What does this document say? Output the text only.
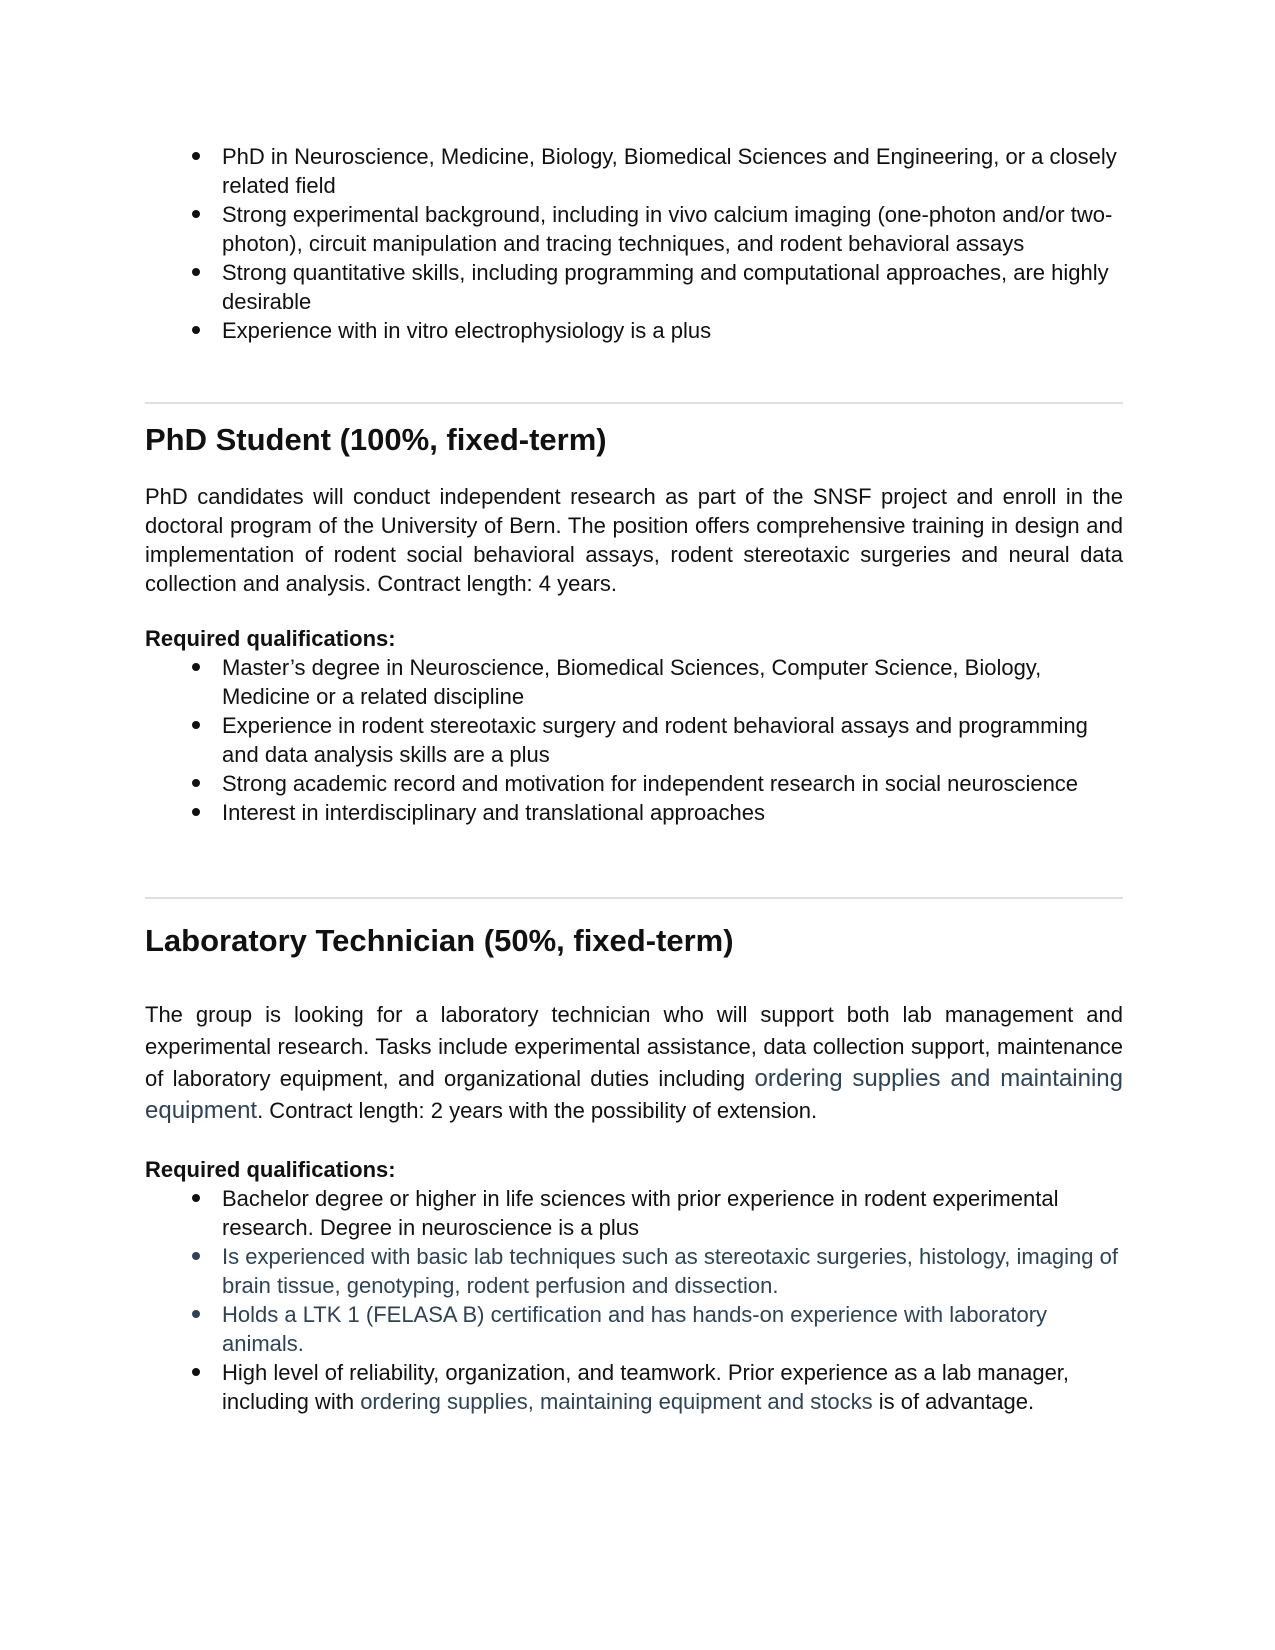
PhD in Neuroscience, Medicine, Biology, Biomedical Sciences and Engineering, or a closely related field
Strong experimental background, including in vivo calcium imaging (one-photon and/or two-photon), circuit manipulation and tracing techniques, and rodent behavioral assays
Strong quantitative skills, including programming and computational approaches, are highly desirable
Experience with in vitro electrophysiology is a plus
PhD Student (100%, fixed-term)

PhD candidates will conduct independent research as part of the SNSF project and enroll in the doctoral program of the University of Bern. The position offers comprehensive training in design and implementation of rodent social behavioral assays, rodent stereotaxic surgeries and neural data collection and analysis. Contract length: 4 years.

Required qualifications:

Master’s degree in Neuroscience, Biomedical Sciences, Computer Science, Biology, Medicine or a related discipline
Experience in rodent stereotaxic surgery and rodent behavioral assays and programming and data analysis skills are a plus
Strong academic record and motivation for independent research in social neuroscience
Interest in interdisciplinary and translational approaches
Laboratory Technician (50%, fixed-term)

The group is looking for a laboratory technician who will support both lab management and experimental research. Tasks include experimental assistance, data collection support, maintenance of laboratory equipment, and organizational duties including ordering supplies and maintaining equipment. Contract length: 2 years with the possibility of extension.

Required qualifications:

Bachelor degree or higher in life sciences with prior experience in rodent experimental research. Degree in neuroscience is a plus
Is experienced with basic lab techniques such as stereotaxic surgeries, histology, imaging of brain tissue, genotyping, rodent perfusion and dissection.
Holds a LTK 1 (FELASA B) certification and has hands-on experience with laboratory animals.
High level of reliability, organization, and teamwork. Prior experience as a lab manager, including with ordering supplies, maintaining equipment and stocks is of advantage.
